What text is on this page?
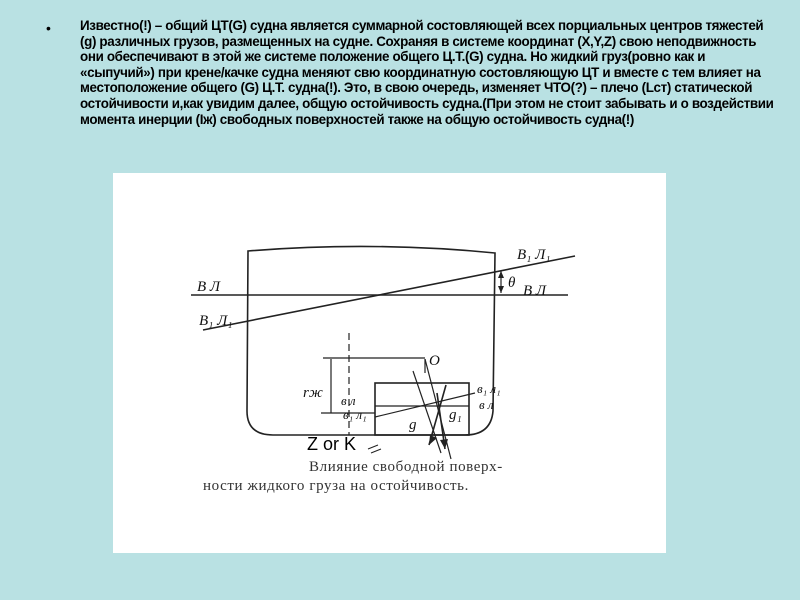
• Известно(!) – общий ЦТ(G) судна является суммарной состовляющей всех порциальных центров тяжестей (g) различных грузов, размещенных на судне. Сохраняя в системе координат (X,Y,Z) свою неподвижность они обеспечивают в этой же системе положение общего Ц.Т.(G) судна. Но жидкий груз(ровно как и «сыпучий») при крене/качке судна меняют свю координатную состовляющую ЦТ и вместе с тем влияет на местоположение общего (G) Ц.Т. судна(!). Это, в свою очередь, изменяет ЧТО(?) – плечо (Lст) статической остойчивости и,как увидим далее, общую остойчивость судна.(При этом не стоит забывать и о воздействии момента инерции (Iж) свободных поверхностей также на общую остойчивость судна(!)
В₁ Л₁
В Л	θ В Л
В₁ Л₁
O
rж в л
в₁ л₁
в₁ л₁
в л
g₁
g
Z or K
Влияние свободной поверх-
ности жидкого груза на остойчивость.
